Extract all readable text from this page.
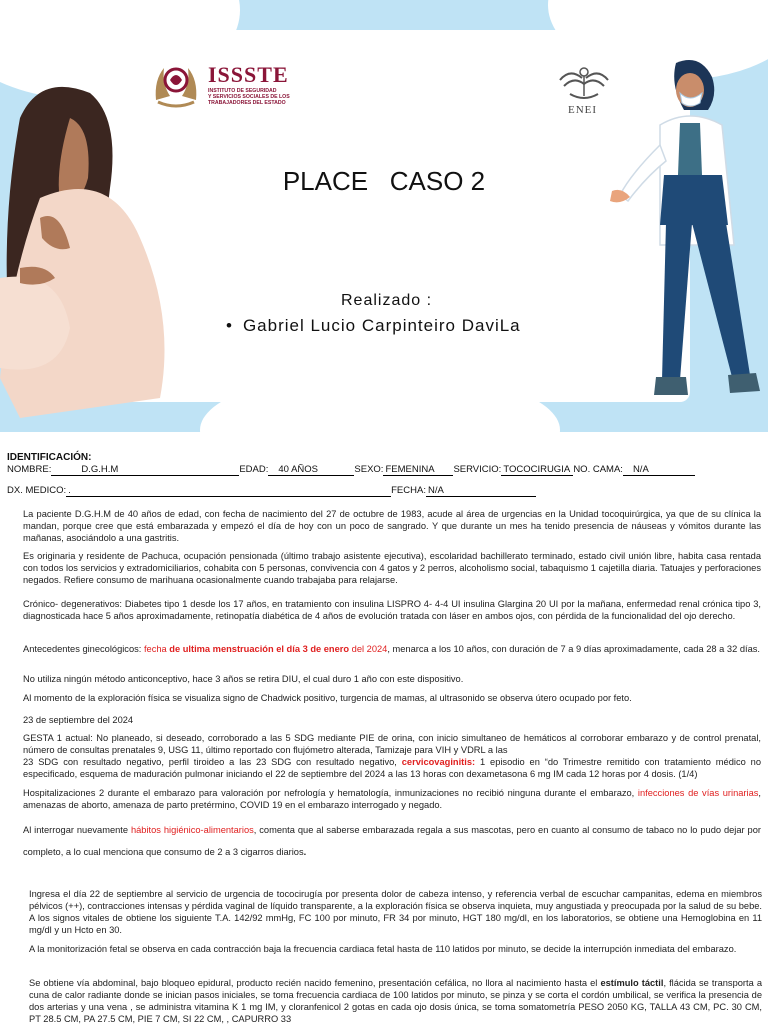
ISSSTE
INSTITUTO DE SEGURIDAD
Y SERVICIOS SOCIALES DE LOS
TRABAJADORES DEL ESTADO
ENEI
PLACE   CASO 2
Realizado :
• Gabriel Lucio Carpinteiro DaviLa
IDENTIFICACIÓN:
NOMBRE:	D.G.H.M	EDAD: 40 AÑOS	SEXO: FEMENINA SERVICIO: TOCOCIRUGIA NO. CAMA: N/A
DX. MEDICO: .	FECHA: N/A
La paciente D.G.H.M de 40 años de edad, con fecha de nacimiento del 27 de octubre de 1983, acude al área de urgencias en la Unidad tocoquirúrgica, ya que de su clínica la mandan, porque cree que está embarazada y empezó el día de hoy con un poco de sangrado. Y que durante un mes ha tenido presencia de náuseas y vómitos durante las mañanas, asociándolo a una gastritis.
Es originaria y residente de Pachuca, ocupación pensionada (último trabajo asistente ejecutiva), escolaridad bachillerato terminado, estado civil unión libre, habita casa rentada con todos los servicios y extradomiciliarios, cohabita con 5 personas, convivencia con 4 gatos y 2 perros, alcoholismo social, tabaquismo 1 cajetilla diaria. Tatuajes y perforaciones negados. Refiere consumo de marihuana ocasionalmente cuando trabajaba para relajarse.
Crónico- degenerativos: Diabetes tipo 1 desde los 17 años, en tratamiento con insulina LISPRO 4- 4-4 UI insulina Glargina 20 UI por la mañana, enfermedad renal crónica tipo 3, diagnosticada hace 5 años aproximadamente, retinopatía diabética de 4 años de evolución tratada con láser en ambos ojos, con pérdida de la funcionalidad del ojo derecho.
Antecedentes ginecológicos: fecha de ultima menstruación el día 3 de enero del 2024, menarca a los 10 años, con duración de 7 a 9 días aproximadamente, cada 28 a 32 días.
No utiliza ningún método anticonceptivo, hace 3 años se retira DIU, el cual duro 1 año con este dispositivo.
Al momento de la exploración física se visualiza signo de Chadwick positivo, turgencia de mamas, al ultrasonido se observa útero ocupado por feto.
23 de septiembre del 2024
GESTA 1 actual: No planeado, si deseado, corroborado a las 5 SDG mediante PIE de orina, con inicio simultaneo de hemáticos al corroborar embarazo y de control prenatal, número de consultas prenatales 9, USG 11, último reportado con flujómetro alterada, Tamizaje para VIH y VDRL a las
23 SDG con resultado negativo, perfil tiroideo a las 23 SDG con resultado negativo, cervicovaginitis: 1 episodio en “do Trimestre remitido con tratamiento médico no especificado, esquema de maduración pulmonar iniciando el 22 de septiembre del 2024 a las 13 horas con dexametasona 6 mg IM cada 12 horas por 4 dosis. (1/4)
Hospitalizaciones 2 durante el embarazo para valoración por nefrología y hematología, inmunizaciones no recibió ninguna durante el embarazo, infecciones de vías urinarias, amenazas de aborto, amenaza de parto pretérmino, COVID 19 en el embarazo interrogado y negado.
Al interrogar nuevamente hábitos higiénico-alimentarios, comenta que al saberse embarazada regala a sus mascotas, pero en cuanto al consumo de tabaco no lo pudo dejar por completo, a lo cual menciona que consumo de 2 a 3 cigarros diarios.
Ingresa el día 22 de septiembre al servicio de urgencia de tococirugía por presenta dolor de cabeza intenso, y referencia verbal de escuchar campanitas, edema en miembros pélvicos (++), contracciones intensas y pérdida vaginal de líquido transparente, a la exploración física se observa inquieta, muy angustiada y preocupada por la salud de su bebe. A los signos vitales de obtiene los siguiente T.A. 142/92 mmHg, FC 100 por minuto, FR 34 por minuto, HGT 180 mg/dl, en los laboratorios, se obtiene una Hemoglobina en 11 mg/dl y un Hcto en 30.
A la monitorización fetal se observa en cada contracción baja la frecuencia cardiaca fetal hasta de 110 latidos por minuto, se decide la interrupción inmediata del embarazo.
Se obtiene vía abdominal, bajo bloqueo epidural, producto recién nacido femenino, presentación cefálica, no llora al nacimiento hasta el estímulo táctil, flácida se transporta a cuna de calor radiante donde se inician pasos iniciales, se toma frecuencia cardiaca de 100 latidos por minuto, se pinza y se corta el cordón umbilical, se verifica la presencia de dos arterias y una vena , se administra vitamina K 1 mg IM, y cloranfenicol 2 gotas en cada ojo dosis única, se toma somatometría PESO 2050 KG, TALLA 43 CM, PC. 30 CM, PT 28.5 CM, PA 27.5 CM, PIE 7 CM, SI 22 CM, , CAPURRO 33
